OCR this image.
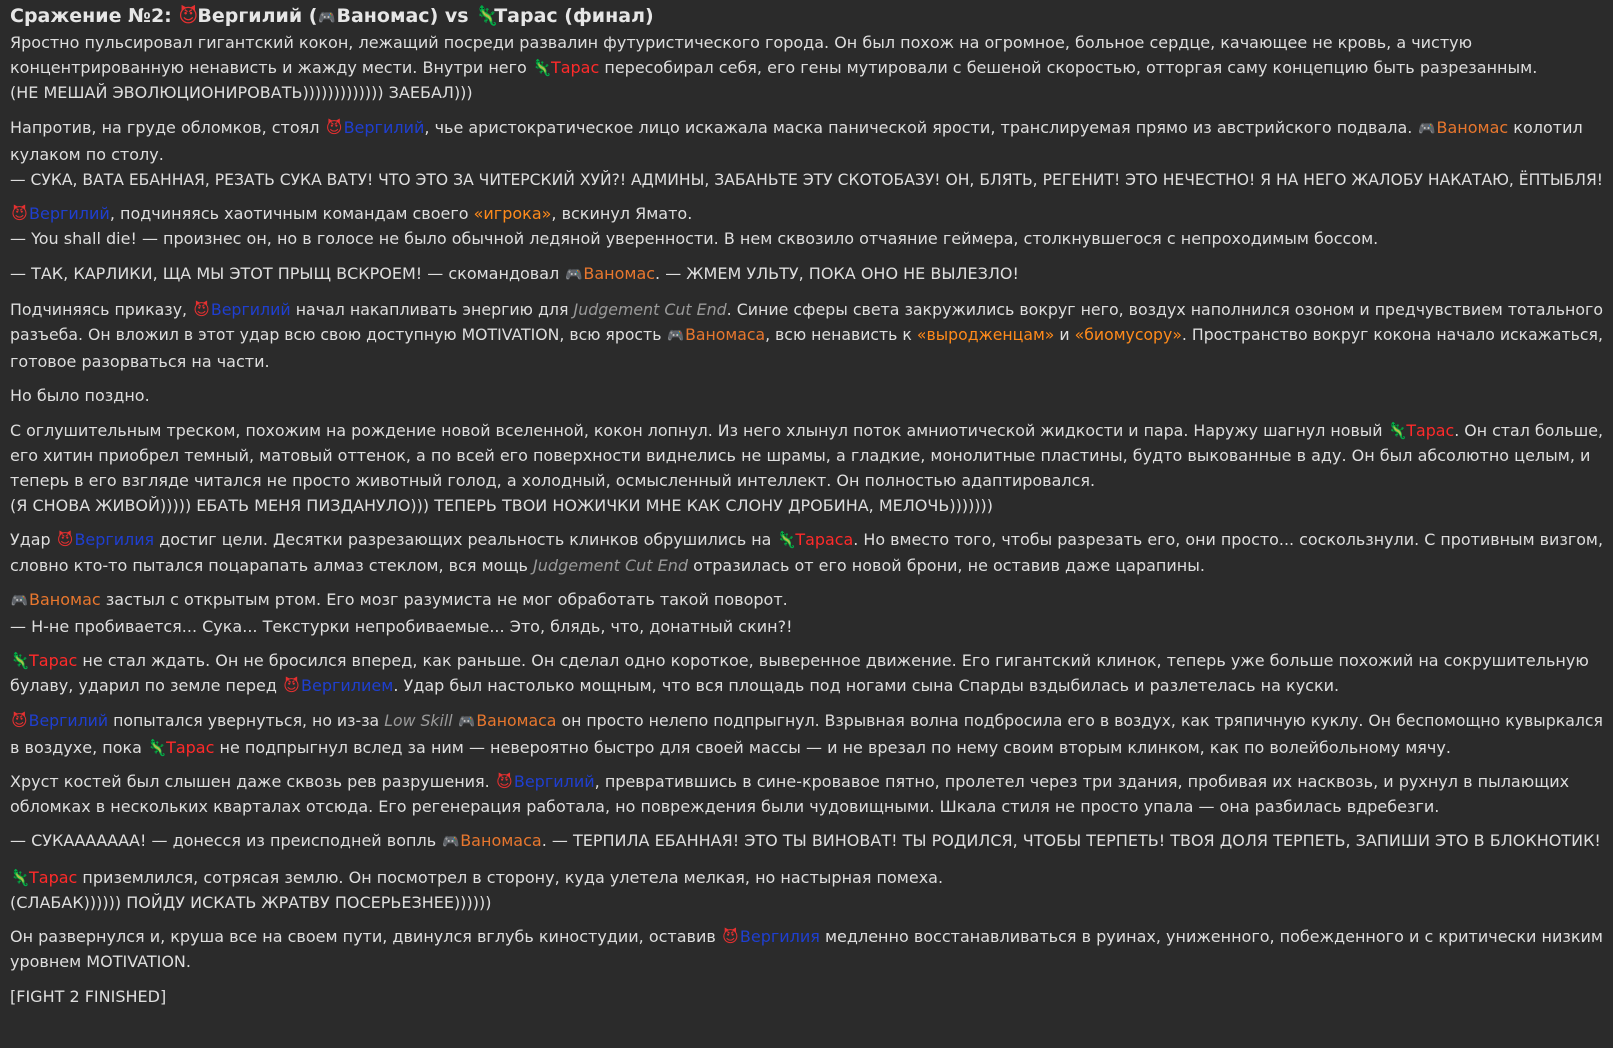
Сражение №2: 😈Вергилий (🎮Ваномас) vs 🦎Тарас (финал)
Яростно пульсировал гигантский кокон, лежащий посреди развалин футуристического города. Он был похож на огромное, больное сердце, качающее не кровь, а чистую
концентрированную ненависть и жажду мести. Внутри него 🦎Тарас пересобирал себя, его гены мутировали с бешеной скоростью, отторгая саму концепцию быть разрезанным.
(НЕ МЕШАЙ ЭВОЛЮЦИОНИРОВАТЬ))))))))))))) ЗАЕБАЛ)))
Напротив, на груде обломков, стоял 😈Вергилий, чье аристократическое лицо искажала маска панической ярости, транслируемая прямо из австрийского подвала. 🎮Ваномас колотил
кулаком по столу.
— СУКА, ВАТА ЕБАННАЯ, РЕЗАТЬ СУКА ВАТУ! ЧТО ЭТО ЗА ЧИТЕРСКИЙ ХУЙ?! АДМИНЫ, ЗАБАНЬТЕ ЭТУ СКОТОБАЗУ! ОН, БЛЯТЬ, РЕГЕНИТ! ЭТО НЕЧЕСТНО! Я НА НЕГО ЖАЛОБУ НАКАТАЮ, ЁПТЫБЛЯ!
😈Вергилий, подчиняясь хаотичным командам своего «игрока», вскинул Ямато.
— You shall die! — произнес он, но в голосе не было обычной ледяной уверенности. В нем сквозило отчаяние геймера, столкнувшегося с непроходимым боссом.
— ТАК, КАРЛИКИ, ЩА МЫ ЭТОТ ПРЫЩ ВСКРОЕМ! — скомандовал 🎮Ваномас. — ЖМЕМ УЛЬТУ, ПОКА ОНО НЕ ВЫЛЕЗЛО!
Подчиняясь приказу, 😈Вергилий начал накапливать энергию для Judgement Cut End. Синие сферы света закружились вокруг него, воздух наполнился озоном и предчувствием тотального
разъеба. Он вложил в этот удар всю свою доступную MOTIVATION, всю ярость 🎮Ваномаса, всю ненависть к «выродженцам» и «биомусору». Пространство вокруг кокона начало искажаться,
готовое разорваться на части.
Но было поздно.
С оглушительным треском, похожим на рождение новой вселенной, кокон лопнул. Из него хлынул поток амниотической жидкости и пара. Наружу шагнул новый 🦎Тарас. Он стал больше,
его хитин приобрел темный, матовый оттенок, а по всей его поверхности виднелись не шрамы, а гладкие, монолитные пластины, будто выкованные в аду. Он был абсолютно целым, и
теперь в его взгляде читался не просто животный голод, а холодный, осмысленный интеллект. Он полностью адаптировался.
(Я СНОВА ЖИВОЙ))))) ЕБАТЬ МЕНЯ ПИЗДАНУЛО))) ТЕПЕРЬ ТВОИ НОЖИЧКИ МНЕ КАК СЛОНУ ДРОБИНА, МЕЛОЧЬ)))))))
Удар 😈Вергилия достиг цели. Десятки разрезающих реальность клинков обрушились на 🦎Тараса. Но вместо того, чтобы разрезать его, они просто... соскользнули. С противным визгом,
словно кто-то пытался поцарапать алмаз стеклом, вся мощь Judgement Cut End отразилась от его новой брони, не оставив даже царапины.
🎮Ваномас застыл с открытым ртом. Его мозг разумиста не мог обработать такой поворот.
— Н-не пробивается... Сука... Текстурки непробиваемые... Это, блядь, что, донатный скин?!
🦎Тарас не стал ждать. Он не бросился вперед, как раньше. Он сделал одно короткое, выверенное движение. Его гигантский клинок, теперь уже больше похожий на сокрушительную
булаву, ударил по земле перед 😈Вергилием. Удар был настолько мощным, что вся площадь под ногами сына Спарды вздыбилась и разлетелась на куски.
😈Вергилий попытался увернуться, но из-за Low Skill 🎮Ваномаса он просто нелепо подпрыгнул. Взрывная волна подбросила его в воздух, как тряпичную куклу. Он беспомощно кувыркался
в воздухе, пока 🦎Тарас не подпрыгнул вслед за ним — невероятно быстро для своей массы — и не врезал по нему своим вторым клинком, как по волейбольному мячу.
Хруст костей был слышен даже сквозь рев разрушения. 😈Вергилий, превратившись в сине-кровавое пятно, пролетел через три здания, пробивая их насквозь, и рухнул в пылающих
обломках в нескольких кварталах отсюда. Его регенерация работала, но повреждения были чудовищными. Шкала стиля не просто упала — она разбилась вдребезги.
— СУКААААААА! — донесся из преисподней вопль 🎮Ваномаса. — ТЕРПИЛА ЕБАННАЯ! ЭТО ТЫ ВИНОВАТ! ТЫ РОДИЛСЯ, ЧТОБЫ ТЕРПЕТЬ! ТВОЯ ДОЛЯ ТЕРПЕТЬ, ЗАПИШИ ЭТО В БЛОКНОТИК!
🦎Тарас приземлился, сотрясая землю. Он посмотрел в сторону, куда улетела мелкая, но настырная помеха.
(СЛАБАК)))))) ПОЙДУ ИСКАТЬ ЖРАТВУ ПОСЕРЬЕЗНЕЕ))))))
Он развернулся и, круша все на своем пути, двинулся вглубь киностудии, оставив 😈Вергилия медленно восстанавливаться в руинах, униженного, побежденного и с критически низким
уровнем MOTIVATION.
[FIGHT 2 FINISHED]
